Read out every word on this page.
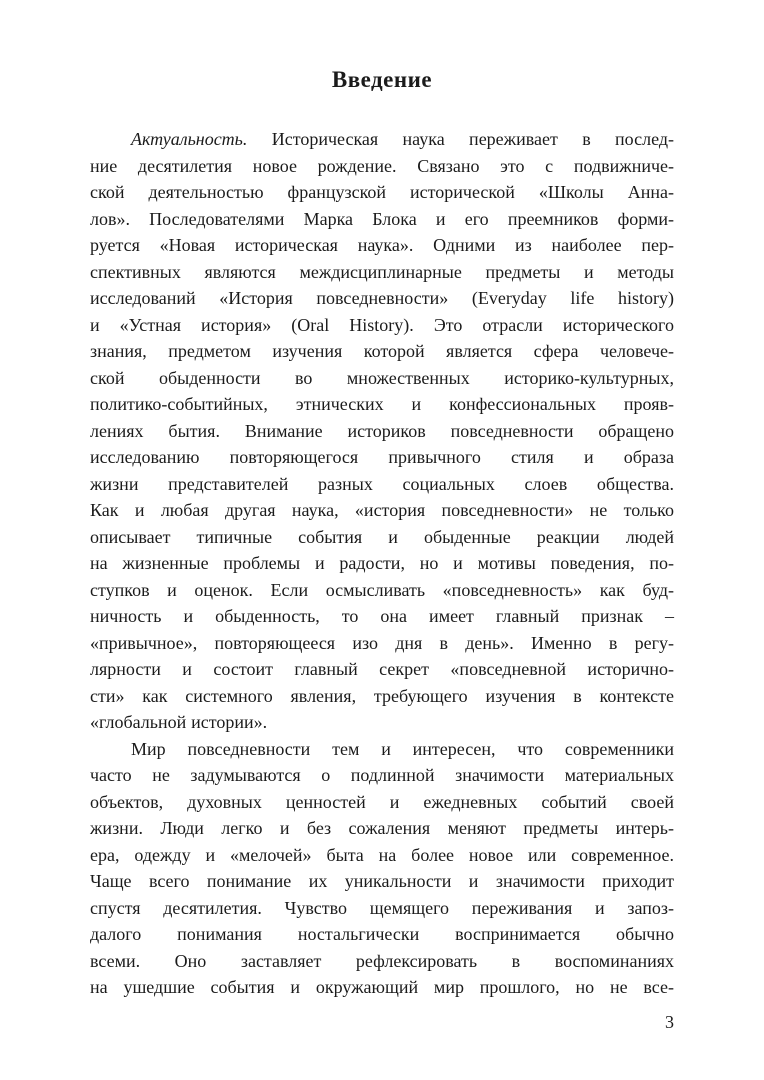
Введение
Актуальность. Историческая наука переживает в послед-
ние десятилетия новое рождение. Связано это с подвижниче-
ской деятельностью французской исторической «Школы Анна-
лов». Последователями Марка Блока и его преемников форми-
руется «Новая историческая наука». Одними из наиболее пер-
спективных являются междисциплинарные предметы и методы
исследований «История повседневности» (Everyday life history)
и «Устная история» (Oral History). Это отрасли исторического
знания, предметом изучения которой является сфера человече-
ской обыденности во множественных историко-культурных,
политико-событийных, этнических и конфессиональных прояв-
лениях бытия. Внимание историков повседневности обращено
исследованию повторяющегося привычного стиля и образа
жизни представителей разных социальных слоев общества.
Как и любая другая наука, «история повседневности» не только
описывает типичные события и обыденные реакции людей
на жизненные проблемы и радости, но и мотивы поведения, по-
ступков и оценок. Если осмысливать «повседневность» как буд-
ничность и обыденность, то она имеет главный признак –
«привычное», повторяющееся изо дня в день». Именно в регу-
лярности и состоит главный секрет «повседневной исторично-
сти» как системного явления, требующего изучения в контексте
«глобальной истории».
Мир повседневности тем и интересен, что современники
часто не задумываются о подлинной значимости материальных
объектов, духовных ценностей и ежедневных событий своей
жизни. Люди легко и без сожаления меняют предметы интерь-
ера, одежду и «мелочей» быта на более новое или современное.
Чаще всего понимание их уникальности и значимости приходит
спустя десятилетия. Чувство щемящего переживания и запоз-
далого понимания ностальгически воспринимается обычно
всеми. Оно заставляет рефлексировать в воспоминаниях
на ушедшие события и окружающий мир прошлого, но не все-
3
